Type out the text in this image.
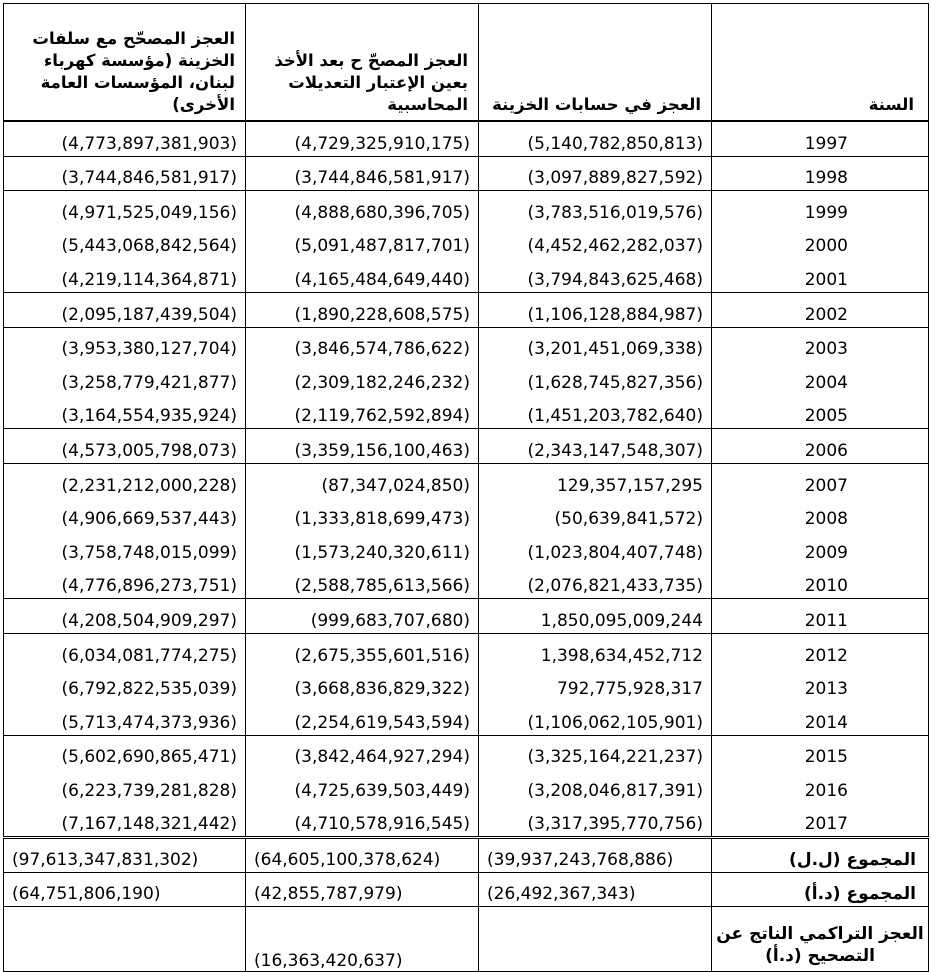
العجز المصحّح مع سلفات الخزينة (مؤسسة كهرباء لبنان، المؤسسات العامة الأخرى)	العجز المصحّ ح بعد الأخذ بعين الإعتبار التعديلات المحاسبية	العجز في حسابات الخزينة	السنة
(4,773,897,381,903)	(4,729,325,910,175)	(5,140,782,850,813)	1997
(3,744,846,581,917)	(3,744,846,581,917)	(3,097,889,827,592)	1998
(4,971,525,049,156)	(4,888,680,396,705)	(3,783,516,019,576)	1999
(5,443,068,842,564)	(5,091,487,817,701)	(4,452,462,282,037)	2000
(4,219,114,364,871)	(4,165,484,649,440)	(3,794,843,625,468)	2001
(2,095,187,439,504)	(1,890,228,608,575)	(1,106,128,884,987)	2002
(3,953,380,127,704)	(3,846,574,786,622)	(3,201,451,069,338)	2003
(3,258,779,421,877)	(2,309,182,246,232)	(1,628,745,827,356)	2004
(3,164,554,935,924)	(2,119,762,592,894)	(1,451,203,782,640)	2005
(4,573,005,798,073)	(3,359,156,100,463)	(2,343,147,548,307)	2006
(2,231,212,000,228)	(87,347,024,850)	129,357,157,295	2007
(4,906,669,537,443)	(1,333,818,699,473)	(50,639,841,572)	2008
(3,758,748,015,099)	(1,573,240,320,611)	(1,023,804,407,748)	2009
(4,776,896,273,751)	(2,588,785,613,566)	(2,076,821,433,735)	2010
(4,208,504,909,297)	(999,683,707,680)	1,850,095,009,244	2011
(6,034,081,774,275)	(2,675,355,601,516)	1,398,634,452,712	2012
(6,792,822,535,039)	(3,668,836,829,322)	792,775,928,317	2013
(5,713,474,373,936)	(2,254,619,543,594)	(1,106,062,105,901)	2014
(5,602,690,865,471)	(3,842,464,927,294)	(3,325,164,221,237)	2015
(6,223,739,281,828)	(4,725,639,503,449)	(3,208,046,817,391)	2016
(7,167,148,321,442)	(4,710,578,916,545)	(3,317,395,770,756)	2017
(97,613,347,831,302)	(64,605,100,378,624)	(39,937,243,768,886)	المجموع (ل.ل)
(64,751,806,190)	(42,855,787,979)	(26,492,367,343)	المجموع (د.أ)
	(16,363,420,637)		العجز التراكمي الناتج عن التصحيح (د.أ)
